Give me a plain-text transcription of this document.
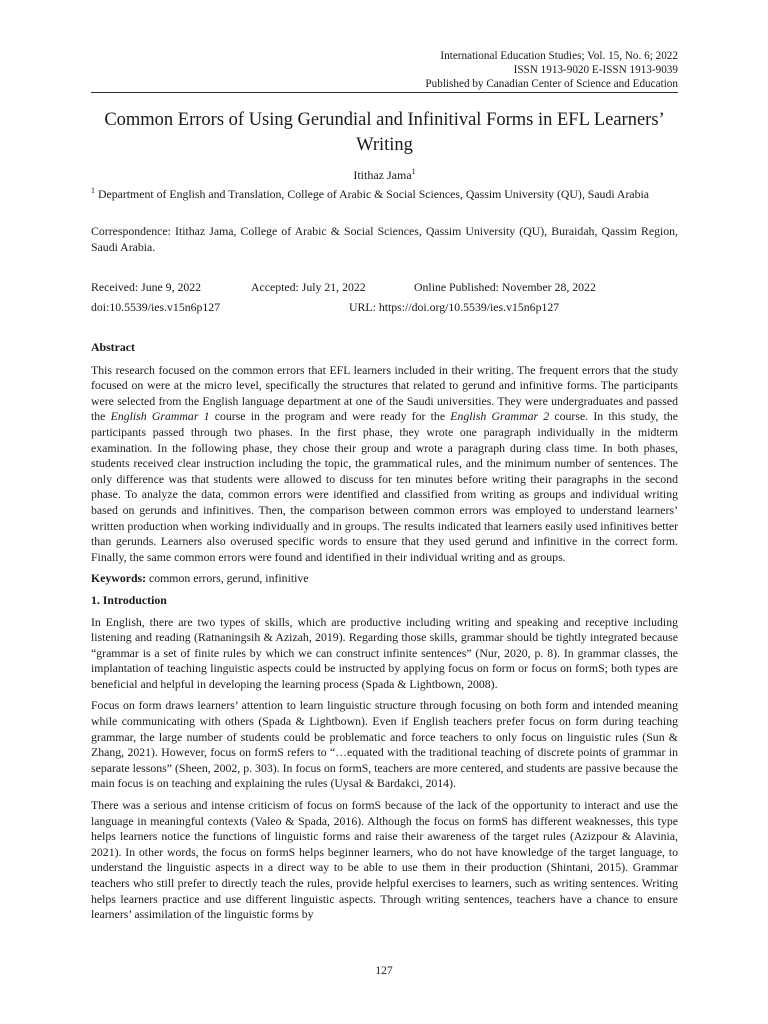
International Education Studies; Vol. 15, No. 6; 2022
ISSN 1913-9020 E-ISSN 1913-9039
Published by Canadian Center of Science and Education
Common Errors of Using Gerundial and Infinitival Forms in EFL Learners’ Writing
Itithaz Jama$^1$
$^1$ Department of English and Translation, College of Arabic & Social Sciences, Qassim University (QU), Saudi Arabia
Correspondence: Itithaz Jama, College of Arabic & Social Sciences, Qassim University (QU), Buraidah, Qassim Region, Saudi Arabia.
Received: June 9, 2022	Accepted: July 21, 2022	Online Published: November 28, 2022
doi:10.5539/ies.v15n6p127	URL: https://doi.org/10.5539/ies.v15n6p127
Abstract

This research focused on the common errors that EFL learners included in their writing. The frequent errors that the study focused on were at the micro level, specifically the structures that related to gerund and infinitive forms. The participants were selected from the English language department at one of the Saudi universities. They were undergraduates and passed the English Grammar 1 course in the program and were ready for the English Grammar 2 course. In this study, the participants passed through two phases. In the first phase, they wrote one paragraph individually in the midterm examination. In the following phase, they chose their group and wrote a paragraph during class time. In both phases, students received clear instruction including the topic, the grammatical rules, and the minimum number of sentences. The only difference was that students were allowed to discuss for ten minutes before writing their paragraphs in the second phase. To analyze the data, common errors were identified and classified from writing as groups and individual writing based on gerunds and infinitives. Then, the comparison between common errors was employed to understand learners’ written production when working individually and in groups. The results indicated that learners easily used infinitives better than gerunds. Learners also overused specific words to ensure that they used gerund and infinitive in the correct form. Finally, the same common errors were found and identified in their individual writing and as groups.

Keywords: common errors, gerund, infinitive
1. Introduction

In English, there are two types of skills, which are productive including writing and speaking and receptive including listening and reading (Ratnaningsih & Azizah, 2019). Regarding those skills, grammar should be tightly integrated because “grammar is a set of finite rules by which we can construct infinite sentences” (Nur, 2020, p. 8). In grammar classes, the implantation of teaching linguistic aspects could be instructed by applying focus on form or focus on formS; both types are beneficial and helpful in developing the learning process (Spada & Lightbown, 2008).

Focus on form draws learners’ attention to learn linguistic structure through focusing on both form and intended meaning while communicating with others (Spada & Lightbown). Even if English teachers prefer focus on form during teaching grammar, the large number of students could be problematic and force teachers to only focus on linguistic rules (Sun & Zhang, 2021). However, focus on formS refers to “…equated with the traditional teaching of discrete points of grammar in separate lessons” (Sheen, 2002, p. 303). In focus on formS, teachers are more centered, and students are passive because the main focus is on teaching and explaining the rules (Uysal & Bardakci, 2014).

There was a serious and intense criticism of focus on formS because of the lack of the opportunity to interact and use the language in meaningful contexts (Valeo & Spada, 2016). Although the focus on formS has different weaknesses, this type helps learners notice the functions of linguistic forms and raise their awareness of the target rules (Azizpour & Alavinia, 2021). In other words, the focus on formS helps beginner learners, who do not have knowledge of the target language, to understand the linguistic aspects in a direct way to be able to use them in their production (Shintani, 2015). Grammar teachers who still prefer to directly teach the rules, provide helpful exercises to learners, such as writing sentences. Writing helps learners practice and use different linguistic aspects. Through writing sentences, teachers have a chance to ensure learners’ assimilation of the linguistic forms by

127
